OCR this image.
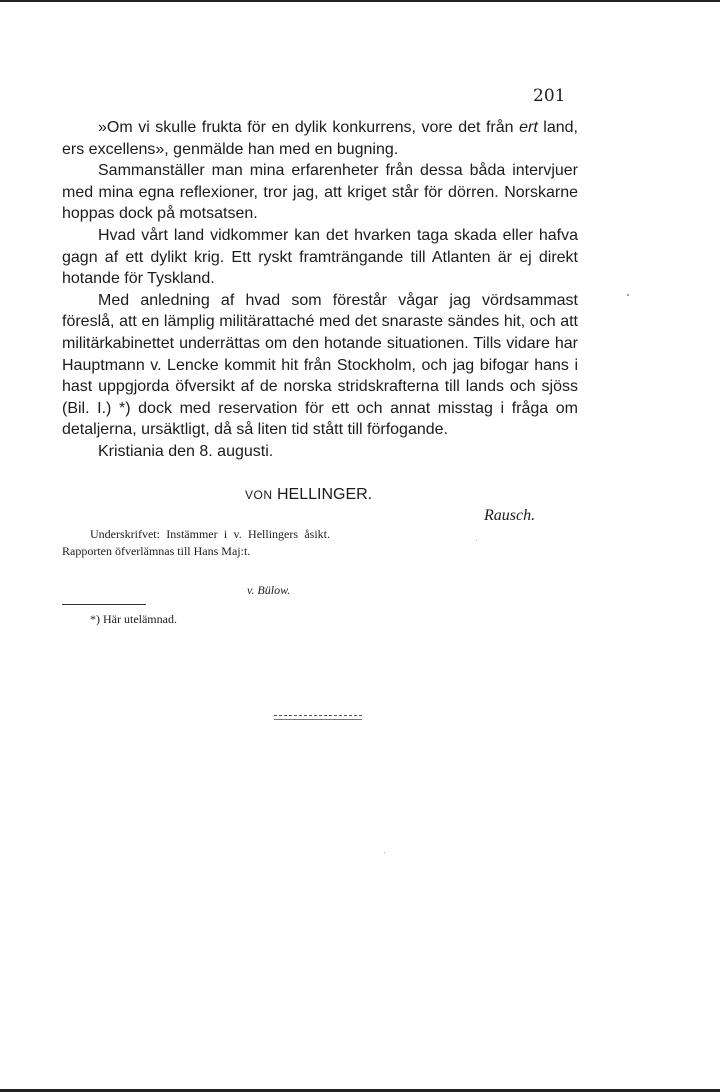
201

»Om vi skulle frukta för en dylik konkurrens, vore det från ert land, ers excellens», genmälde han med en bugning.

Sammanställer man mina erfarenheter från dessa båda intervjuer med mina egna reflexioner, tror jag, att kriget står för dörren. Norskarne hoppas dock på motsatsen.

Hvad vårt land vidkommer kan det hvarken taga skada eller hafva gagn af ett dylikt krig. Ett ryskt framträngande till Atlanten är ej direkt hotande för Tyskland.

Med anledning af hvad som förestår vågar jag vördsammast föreslå, att en lämplig militärattaché med det snaraste sändes hit, och att militärkabinettet underrättas om den hotande situationen. Tills vidare har Hauptmann v. Lencke kommit hit från Stockholm, och jag bifogar hans i hast uppgjorda öfversikt af de norska stridskrafterna till lands och sjöss (Bil. I.) *) dock med reservation för ett och annat misstag i fråga om detaljerna, ursäktligt, då så liten tid stått till förfogande.

Kristiania den 8. augusti.

VON HELLINGER.
Rausch.
Underskrifvet: Instämmer i v. Hellingers åsikt. Rapporten öfverlämnas till Hans Maj:t.
v. Bülow.
*) Här utelämnad.
